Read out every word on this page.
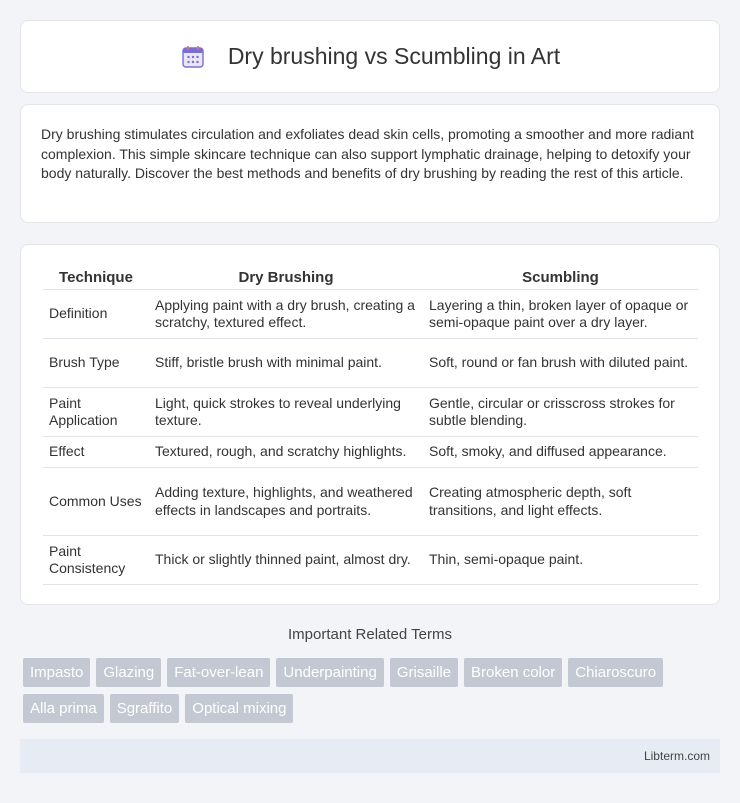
Dry brushing vs Scumbling in Art

Dry brushing stimulates circulation and exfoliates dead skin cells, promoting a smoother and more radiant complexion. This simple skincare technique can also support lymphatic drainage, helping to detoxify your body naturally. Discover the best methods and benefits of dry brushing by reading the rest of this article.

Technique	Dry Brushing	Scumbling
Definition	Applying paint with a dry brush, creating a scratchy, textured effect.	Layering a thin, broken layer of opaque or semi-opaque paint over a dry layer.
Brush Type	Stiff, bristle brush with minimal paint.	Soft, round or fan brush with diluted paint.
Paint Application	Light, quick strokes to reveal underlying texture.	Gentle, circular or crisscross strokes for subtle blending.
Effect	Textured, rough, and scratchy highlights.	Soft, smoky, and diffused appearance.
Common Uses	Adding texture, highlights, and weathered effects in landscapes and portraits.	Creating atmospheric depth, soft transitions, and light effects.
Paint Consistency	Thick or slightly thinned paint, almost dry.	Thin, semi-opaque paint.
Important Related Terms
Impasto	Glazing	Fat-over-lean	Underpainting	Grisaille	Broken color	Chiaroscuro
Alla prima	Sgraffito	Optical mixing
Libterm.com
